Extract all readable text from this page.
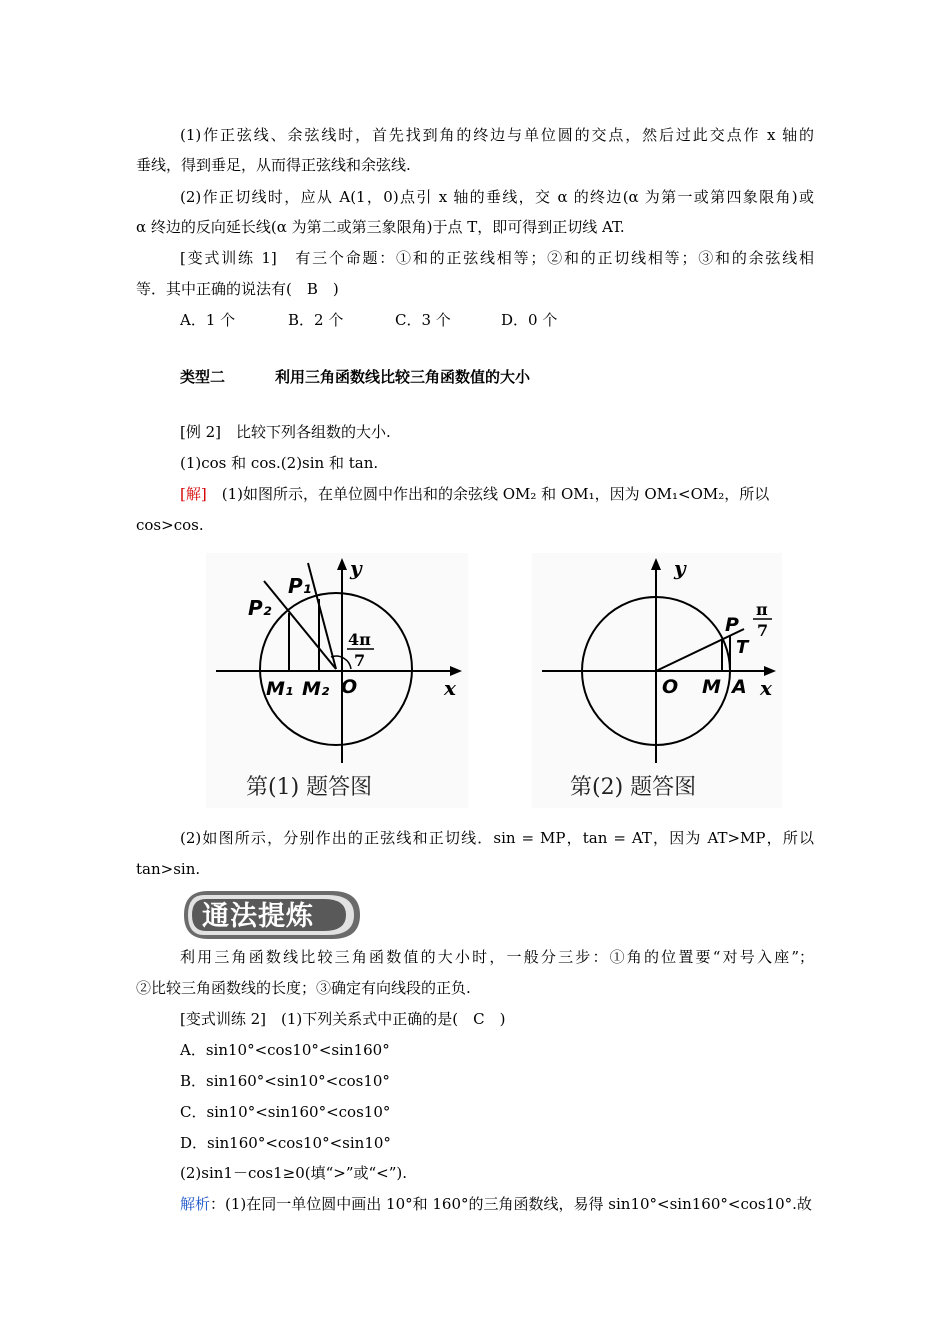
(1)作正弦线、余弦线时，首先找到角的终边与单位圆的交点，然后过此交点作 x 轴的
垂线，得到垂足，从而得正弦线和余弦线.
(2)作正切线时，应从 A(1，0)点引 x 轴的垂线，交 α 的终边(α 为第一或第四象限角)或
α 终边的反向延长线(α 为第二或第三象限角)于点 T，即可得到正切线 AT.
[变式训练 1]　有三个命题：①和的正弦线相等；②和的正切线相等；③和的余弦线相
等．其中正确的说法有(　B　)
A．1 个	B．2 个	C．3 个	D．0 个
类型二	利用三角函数线比较三角函数值的大小
[例 2]　比较下列各组数的大小.
(1)cos 和 cos.(2)sin 和 tan.
[解]　(1)如图所示，在单位圆中作出和的余弦线 OM₂ 和 OM₁，因为 OM₁<OM₂，所以
cos>cos.
y
x
P₁
P₂
M₁ M₂ O
4π
7
第(1) 题答图
y
x
O M A
P
T
π
7
第(2) 题答图
(2)如图所示，分别作出的正弦线和正切线．sin = MP，tan = AT，因为 AT>MP，所以
tan>sin.
通法提炼
利用三角函数线比较三角函数值的大小时，一般分三步：①角的位置要“对号入座”；
②比较三角函数线的长度；③确定有向线段的正负.
[变式训练 2]　(1)下列关系式中正确的是(　C　)
A．sin10°<cos10°<sin160°
B．sin160°<sin10°<cos10°
C．sin10°<sin160°<cos10°
D．sin160°<cos10°<sin10°
(2)sin1－cos1≥0(填“>”或“<”).
解析：(1)在同一单位圆中画出 10°和 160°的三角函数线，易得 sin10°<sin160°<cos10°.故
